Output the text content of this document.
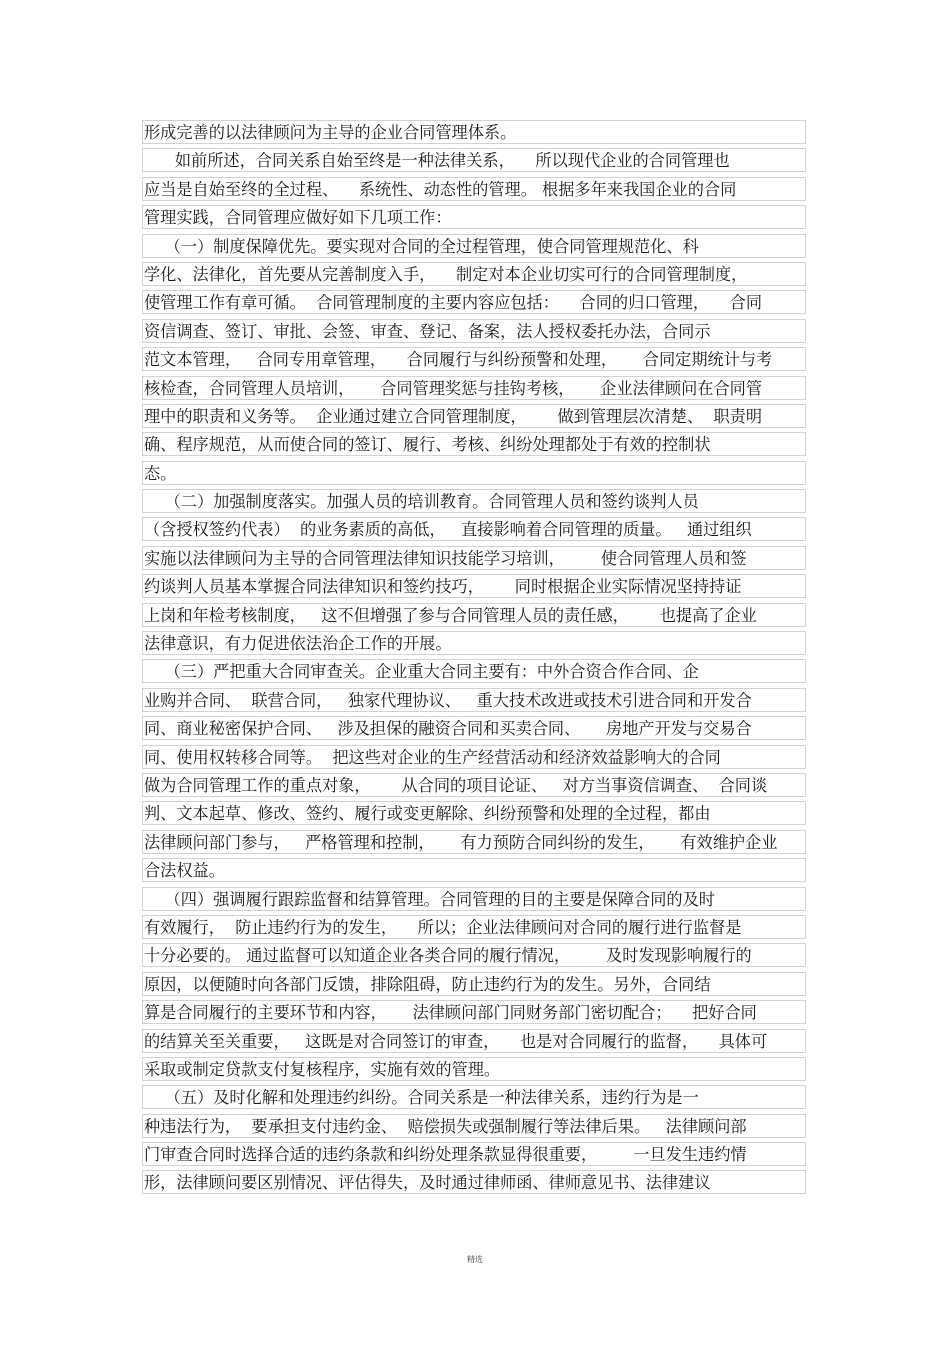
形成完善的以法律顾问为主导的企业合同管理体系。
如前所述，合同关系自始至终是一种法律关系，    所以现代企业的合同管理也
应当是自始至终的全过程、    系统性、动态性的管理。 根据多年来我国企业的合同
管理实践，合同管理应做好如下几项工作：
（一）制度保障优先。要实现对合同的全过程管理，使合同管理规范化、科
学化、法律化，首先要从完善制度入手，    制定对本企业切实可行的合同管理制度，
使管理工作有章可循。  合同管理制度的主要内容应包括：    合同的归口管理，    合同
资信调查、签订、审批、会签、审查、登记、备案，法人授权委托办法，合同示
范文本管理，   合同专用章管理，    合同履行与纠纷预警和处理，     合同定期统计与考
核检查，合同管理人员培训，     合同管理奖惩与挂钩考核，     企业法律顾问在合同管
理中的职责和义务等。  企业通过建立合同管理制度，      做到管理层次清楚、  职责明
确、程序规范，从而使合同的签订、履行、考核、纠纷处理都处于有效的控制状
态。
（二）加强制度落实。加强人员的培训教育。合同管理人员和签约谈判人员
（含授权签约代表）  的业务素质的高低，   直接影响着合同管理的质量。   通过组织
实施以法律顾问为主导的合同管理法律知识技能学习培训，       使合同管理人员和签
约谈判人员基本掌握合同法律知识和签约技巧，      同时根据企业实际情况坚持持证
上岗和年检考核制度，   这不但增强了参与合同管理人员的责任感，      也提高了企业
法律意识，有力促进依法治企工作的开展。
（三）严把重大合同审查关。企业重大合同主要有：中外合资合作合同、企
业购并合同、  联营合同，   独家代理协议、   重大技术改进或技术引进合同和开发合
同、商业秘密保护合同、   涉及担保的融资合同和买卖合同、     房地产开发与交易合
同、使用权转移合同等。  把这些对企业的生产经营活动和经济效益影响大的合同
做为合同管理工作的重点对象，      从合同的项目论证、   对方当事资信调查、  合同谈
判、文本起草、修改、签约、履行或变更解除、纠纷预警和处理的全过程，都由
法律顾问部门参与，   严格管理和控制，     有力预防合同纠纷的发生，     有效维护企业
合法权益。
（四）强调履行跟踪监督和结算管理。合同管理的目的主要是保障合同的及时
有效履行，  防止违约行为的发生，    所以；企业法律顾问对合同的履行进行监督是
十分必要的。 通过监督可以知道企业各类合同的履行情况，       及时发现影响履行的
原因，以便随时向各部门反馈，排除阻碍，防止违约行为的发生。另外，合同结
算是合同履行的主要环节和内容，     法律顾问部门同财务部门密切配合；    把好合同
的结算关至关重要，   这既是对合同签订的审查，    也是对合同履行的监督，    具体可
采取或制定贷款支付复核程序，实施有效的管理。
（五）及时化解和处理违约纠纷。合同关系是一种法律关系，违约行为是一
种违法行为，  要承担支付违约金、  赔偿损失或强制履行等法律后果。   法律顾问部
门审查合同时选择合适的违约条款和纠纷处理条款显得很重要，       一旦发生违约情
形，法律顾问要区别情况、评估得失，及时通过律师函、律师意见书、法律建议
精选
